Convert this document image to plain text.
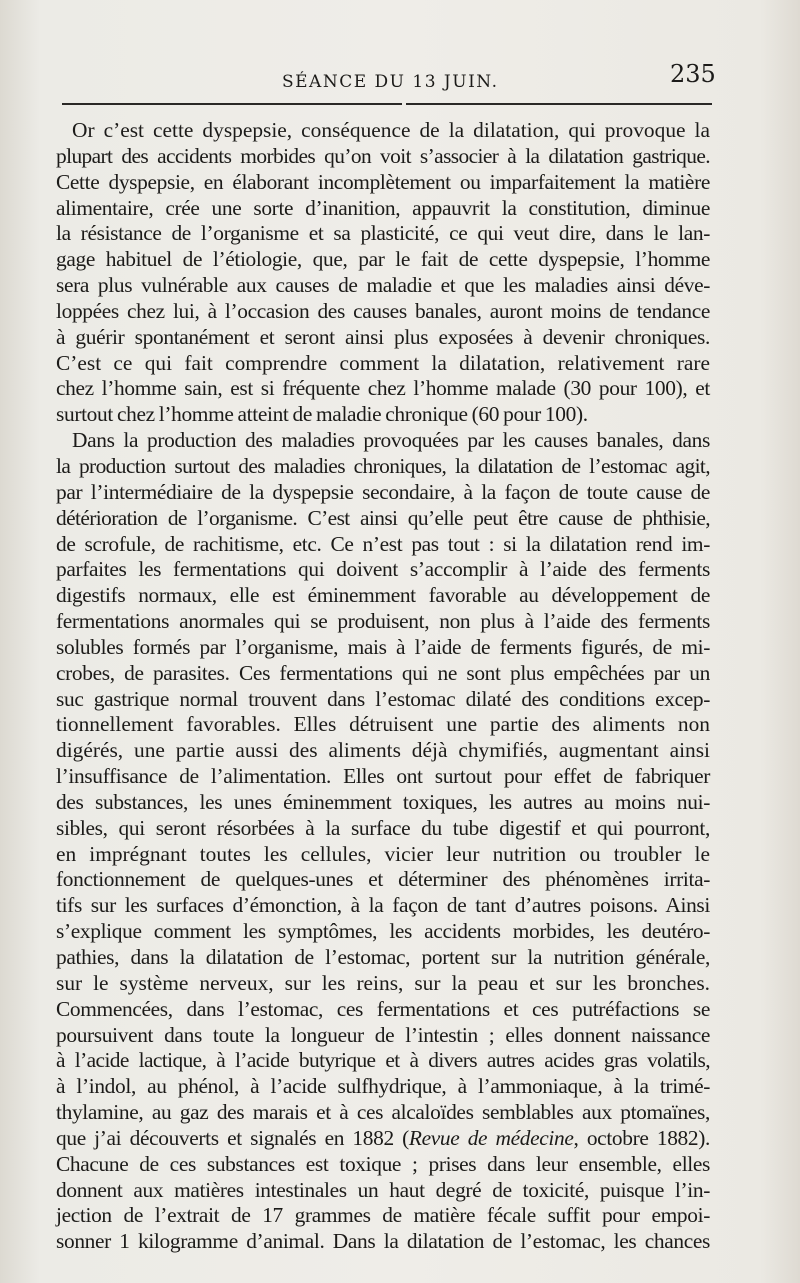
SÉANCE DU 13 JUIN.	235
Or c’est cette dyspepsie, conséquence de la dilatation, qui provoque la
plupart des accidents morbides qu’on voit s’associer à la dilatation gastrique.
Cette dyspepsie, en élaborant incomplètement ou imparfaitement la matière
alimentaire, crée une sorte d’inanition, appauvrit la constitution, diminue
la résistance de l’organisme et sa plasticité, ce qui veut dire, dans le lan-
gage habituel de l’étiologie, que, par le fait de cette dyspepsie, l’homme
sera plus vulnérable aux causes de maladie et que les maladies ainsi déve-
loppées chez lui, à l’occasion des causes banales, auront moins de tendance
à guérir spontanément et seront ainsi plus exposées à devenir chroniques.
C’est ce qui fait comprendre comment la dilatation, relativement rare
chez l’homme sain, est si fréquente chez l’homme malade (30 pour 100), et
surtout chez l’homme atteint de maladie chronique (60 pour 100).
Dans la production des maladies provoquées par les causes banales, dans
la production surtout des maladies chroniques, la dilatation de l’estomac agit,
par l’intermédiaire de la dyspepsie secondaire, à la façon de toute cause de
détérioration de l’organisme. C’est ainsi qu’elle peut être cause de phthisie,
de scrofule, de rachitisme, etc. Ce n’est pas tout : si la dilatation rend im-
parfaites les fermentations qui doivent s’accomplir à l’aide des ferments
digestifs normaux, elle est éminemment favorable au développement de
fermentations anormales qui se produisent, non plus à l’aide des ferments
solubles formés par l’organisme, mais à l’aide de ferments figurés, de mi-
crobes, de parasites. Ces fermentations qui ne sont plus empêchées par un
suc gastrique normal trouvent dans l’estomac dilaté des conditions excep-
tionnellement favorables. Elles détruisent une partie des aliments non
digérés, une partie aussi des aliments déjà chymifiés, augmentant ainsi
l’insuffisance de l’alimentation. Elles ont surtout pour effet de fabriquer
des substances, les unes éminemment toxiques, les autres au moins nui-
sibles, qui seront résorbées à la surface du tube digestif et qui pourront,
en imprégnant toutes les cellules, vicier leur nutrition ou troubler le
fonctionnement de quelques-unes et déterminer des phénomènes irrita-
tifs sur les surfaces d’émonction, à la façon de tant d’autres poisons. Ainsi
s’explique comment les symptômes, les accidents morbides, les deutéro-
pathies, dans la dilatation de l’estomac, portent sur la nutrition générale,
sur le système nerveux, sur les reins, sur la peau et sur les bronches.
Commencées, dans l’estomac, ces fermentations et ces putréfactions se
poursuivent dans toute la longueur de l’intestin ; elles donnent naissance
à l’acide lactique, à l’acide butyrique et à divers autres acides gras volatils,
à l’indol, au phénol, à l’acide sulfhydrique, à l’ammoniaque, à la trimé-
thylamine, au gaz des marais et à ces alcaloïdes semblables aux ptomaïnes,
que j’ai découverts et signalés en 1882 (Revue de médecine, octobre 1882).
Chacune de ces substances est toxique ; prises dans leur ensemble, elles
donnent aux matières intestinales un haut degré de toxicité, puisque l’in-
jection de l’extrait de 17 grammes de matière fécale suffit pour empoi-
sonner 1 kilogramme d’animal. Dans la dilatation de l’estomac, les chances
